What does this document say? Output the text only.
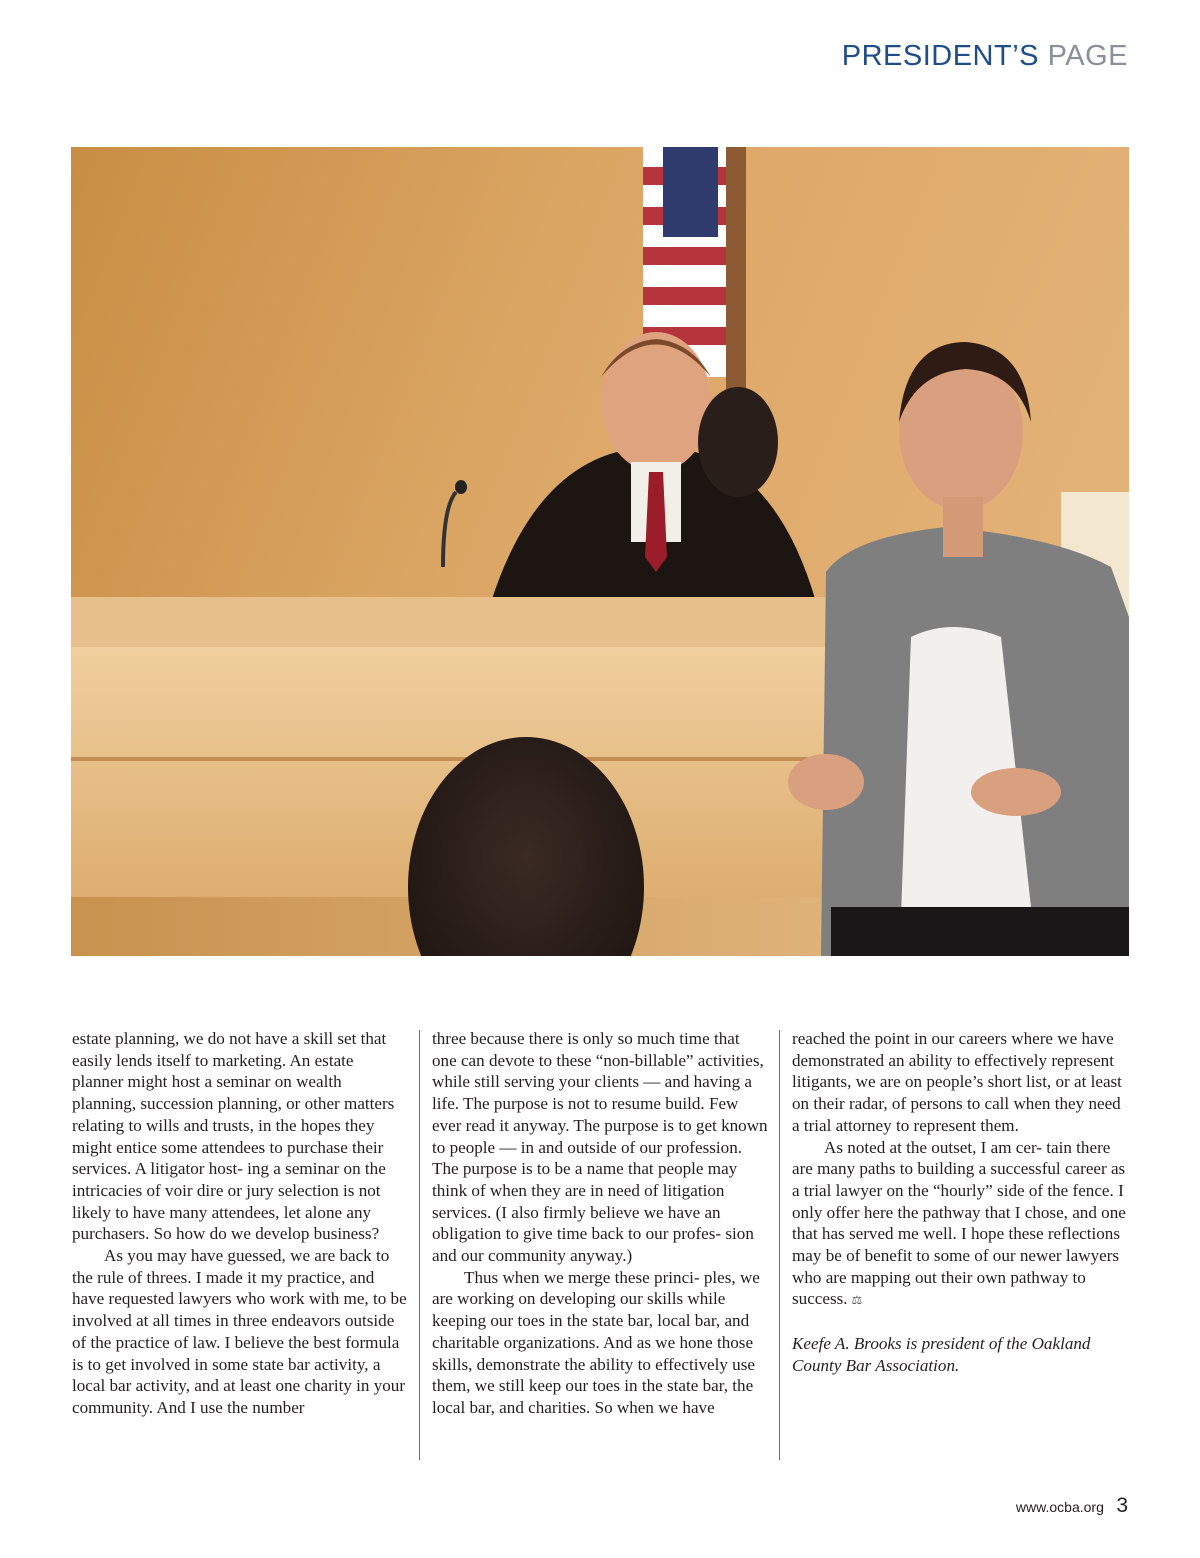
PRESIDENT’S PAGE

estate planning, we do not have a skill set that easily lends itself to marketing. An estate planner might host a seminar on wealth planning, succession planning, or other matters relating to wills and trusts, in the hopes they might entice some attendees to purchase their services. A litigator host- ing a seminar on the intricacies of voir dire or jury selection is not likely to have many attendees, let alone any purchasers. So how do we develop business?

As you may have guessed, we are back to the rule of threes. I made it my practice, and have requested lawyers who work with me, to be involved at all times in three endeavors outside of the practice of law. I believe the best formula is to get involved in some state bar activity, a local bar activity, and at least one charity in your community. And I use the number

three because there is only so much time that one can devote to these “non-billable” activities, while still serving your clients — and having a life. The purpose is not to resume build. Few ever read it anyway. The purpose is to get known to people — in and outside of our profession. The purpose is to be a name that people may think of when they are in need of litigation services. (I also firmly believe we have an obligation to give time back to our profes- sion and our community anyway.)

Thus when we merge these princi- ples, we are working on developing our skills while keeping our toes in the state bar, local bar, and charitable organizations. And as we hone those skills, demonstrate the ability to effectively use them, we still keep our toes in the state bar, the local bar, and charities. So when we have

reached the point in our careers where we have demonstrated an ability to effectively represent litigants, we are on people’s short list, or at least on their radar, of persons to call when they need a trial attorney to represent them.

As noted at the outset, I am cer- tain there are many paths to building a successful career as a trial lawyer on the “hourly” side of the fence. I only offer here the pathway that I chose, and one that has served me well. I hope these reflections may be of benefit to some of our newer lawyers who are mapping out their own pathway to success. ⚖

Keefe A. Brooks is president of the Oakland County Bar Association.

www.ocba.org 3
